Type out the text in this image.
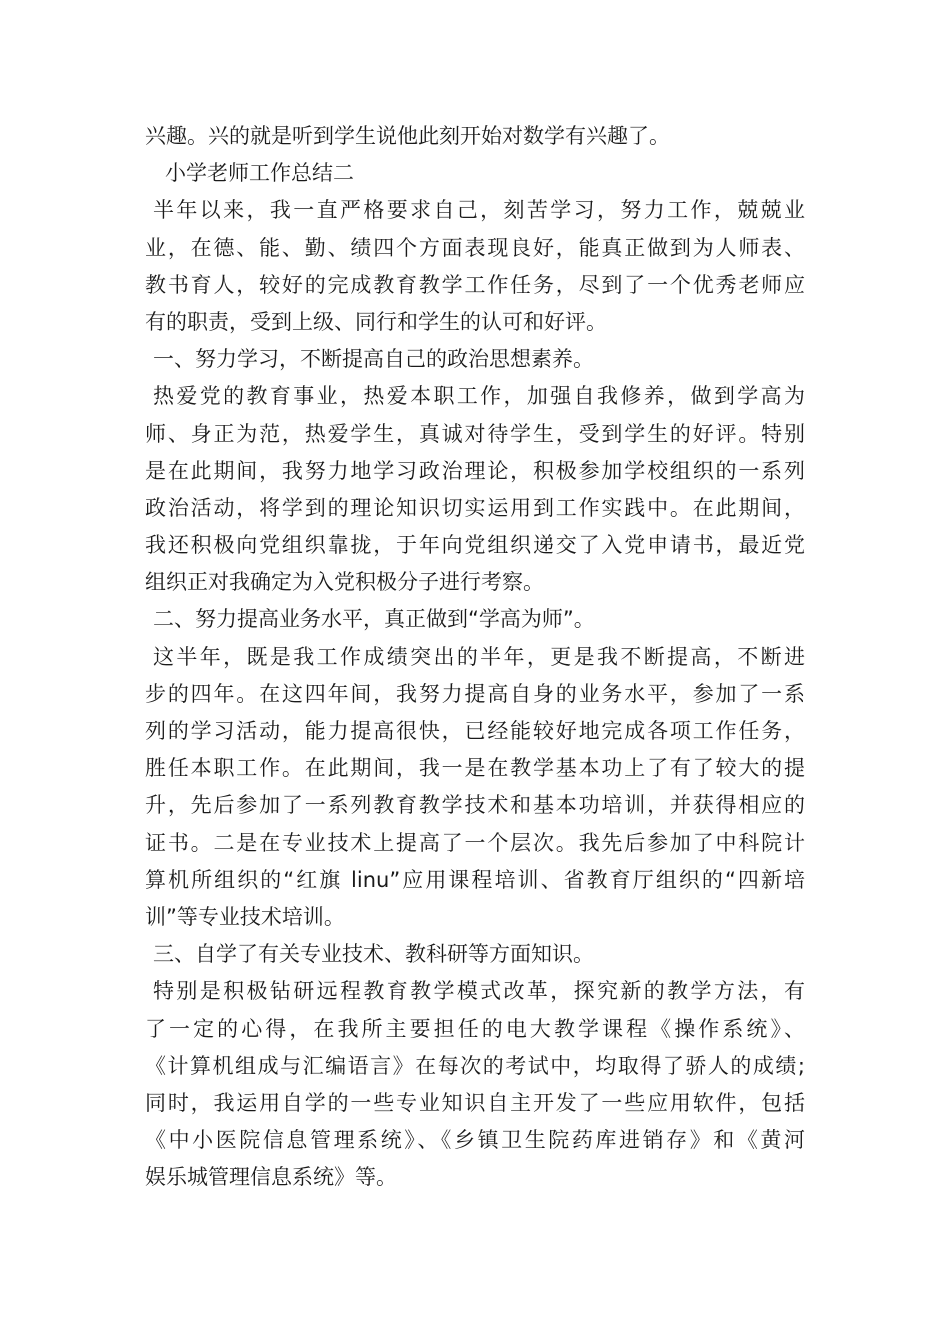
兴趣。兴的就是听到学生说他此刻开始对数学有兴趣了。
小学老师工作总结二
半年以来，我一直严格要求自己，刻苦学习，努力工作，兢兢业
业，在德、能、勤、绩四个方面表现良好，能真正做到为人师表、
教书育人，较好的完成教育教学工作任务，尽到了一个优秀老师应
有的职责，受到上级、同行和学生的认可和好评。
一、努力学习，不断提高自己的政治思想素养。
热爱党的教育事业，热爱本职工作，加强自我修养，做到学高为
师、身正为范，热爱学生，真诚对待学生，受到学生的好评。特别
是在此期间，我努力地学习政治理论，积极参加学校组织的一系列
政治活动，将学到的理论知识切实运用到工作实践中。在此期间，
我还积极向党组织靠拢，于年向党组织递交了入党申请书，最近党
组织正对我确定为入党积极分子进行考察。
二、努力提高业务水平，真正做到“学高为师”。
这半年，既是我工作成绩突出的半年，更是我不断提高，不断进
步的四年。在这四年间，我努力提高自身的业务水平，参加了一系
列的学习活动，能力提高很快，已经能较好地完成各项工作任务，
胜任本职工作。在此期间，我一是在教学基本功上了有了较大的提
升，先后参加了一系列教育教学技术和基本功培训，并获得相应的
证书。二是在专业技术上提高了一个层次。我先后参加了中科院计
算机所组织的“红旗 linu”应用课程培训、省教育厅组织的“四新培
训”等专业技术培训。
三、自学了有关专业技术、教科研等方面知识。
特别是积极钻研远程教育教学模式改革，探究新的教学方法，有
了一定的心得，在我所主要担任的电大教学课程《操作系统》、
《计算机组成与汇编语言》在每次的考试中，均取得了骄人的成绩;
同时，我运用自学的一些专业知识自主开发了一些应用软件，包括
《中小医院信息管理系统》、《乡镇卫生院药库进销存》和《黄河
娱乐城管理信息系统》等。
